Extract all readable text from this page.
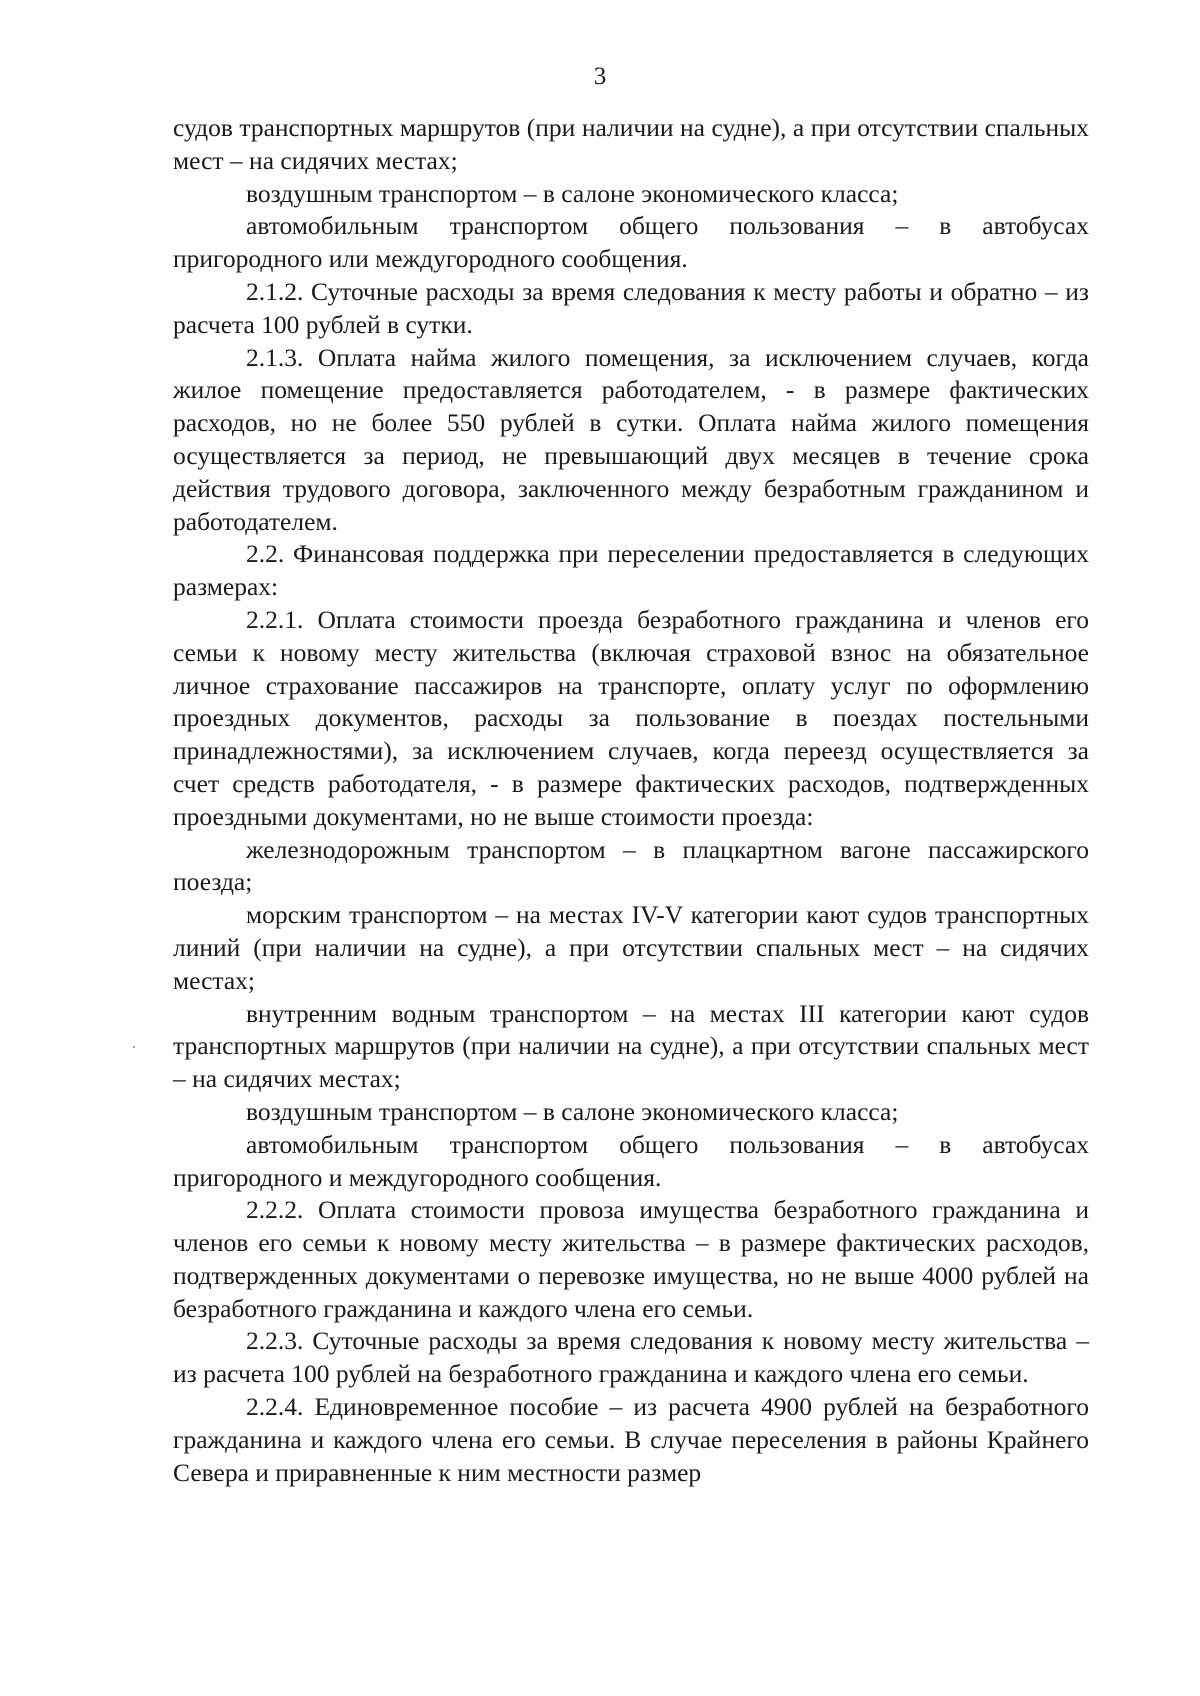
3

судов транспортных маршрутов (при наличии на судне), а при отсутствии спальных мест – на сидячих местах;

воздушным транспортом – в салоне экономического класса;

автомобильным транспортом общего пользования – в автобусах пригородного или междугородного сообщения.

2.1.2. Суточные расходы за время следования к месту работы и обратно – из расчета 100 рублей в сутки.

2.1.3. Оплата найма жилого помещения, за исключением случаев, когда жилое помещение предоставляется работодателем, - в размере фактических расходов, но не более 550 рублей в сутки. Оплата найма жилого помещения осуществляется за период, не превышающий двух месяцев в течение срока действия трудового договора, заключенного между безработным гражданином и работодателем.

2.2. Финансовая поддержка при переселении предоставляется в следующих размерах:

2.2.1. Оплата стоимости проезда безработного гражданина и членов его семьи к новому месту жительства (включая страховой взнос на обязательное личное страхование пассажиров на транспорте, оплату услуг по оформлению проездных документов, расходы за пользование в поездах постельными принадлежностями), за исключением случаев, когда переезд осуществляется за счет средств работодателя, - в размере фактических расходов, подтвержденных проездными документами, но не выше стоимости проезда:

железнодорожным транспортом – в плацкартном вагоне пассажирского поезда;

морским транспортом – на местах IV-V категории кают судов транспортных линий (при наличии на судне), а при отсутствии спальных мест – на сидячих местах;

внутренним водным транспортом – на местах III категории кают судов транспортных маршрутов (при наличии на судне), а при отсутствии спальных мест – на сидячих местах;

воздушным транспортом – в салоне экономического класса;

автомобильным транспортом общего пользования – в автобусах пригородного и междугородного сообщения.

2.2.2. Оплата стоимости провоза имущества безработного гражданина и членов его семьи к новому месту жительства – в размере фактических расходов, подтвержденных документами о перевозке имущества, но не выше 4000 рублей на безработного гражданина и каждого члена его семьи.

2.2.3. Суточные расходы за время следования к новому месту жительства – из расчета 100 рублей на безработного гражданина и каждого члена его семьи.

2.2.4. Единовременное пособие – из расчета 4900 рублей на безработного гражданина и каждого члена его семьи. В случае переселения в районы Крайнего Севера и приравненные к ним местности размер
